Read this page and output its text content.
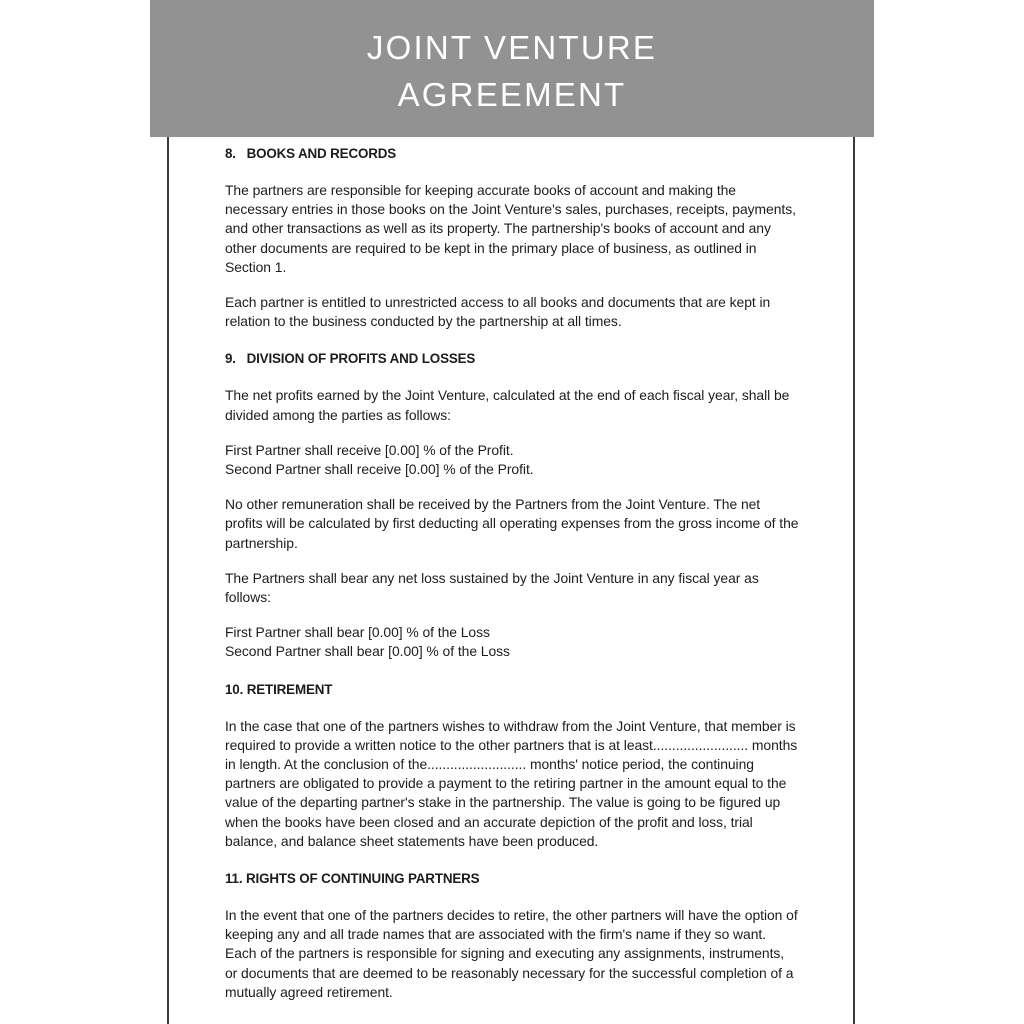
JOINT VENTURE
AGREEMENT
8.   BOOKS AND RECORDS

The partners are responsible for keeping accurate books of account and making the necessary entries in those books on the Joint Venture's sales, purchases, receipts, payments, and other transactions as well as its property. The partnership's books of account and any other documents are required to be kept in the primary place of business, as outlined in Section 1.

Each partner is entitled to unrestricted access to all books and documents that are kept in relation to the business conducted by the partnership at all times.

9.   DIVISION OF PROFITS AND LOSSES

The net profits earned by the Joint Venture, calculated at the end of each fiscal year, shall be divided among the parties as follows:

First Partner shall receive [0.00] % of the Profit.
Second Partner shall receive [0.00] % of the Profit.

No other remuneration shall be received by the Partners from the Joint Venture. The net profits will be calculated by first deducting all operating expenses from the gross income of the partnership.

The Partners shall bear any net loss sustained by the Joint Venture in any fiscal year as follows:

First Partner shall bear [0.00] % of the Loss
Second Partner shall bear [0.00] % of the Loss
10. RETIREMENT

In the case that one of the partners wishes to withdraw from the Joint Venture, that member is required to provide a written notice to the other partners that is at least......................... months in length. At the conclusion of the.......................... months' notice period, the continuing partners are obligated to provide a payment to the retiring partner in the amount equal to the value of the departing partner's stake in the partnership. The value is going to be figured up when the books have been closed and an accurate depiction of the profit and loss, trial balance, and balance sheet statements have been produced.

11. RIGHTS OF CONTINUING PARTNERS

In the event that one of the partners decides to retire, the other partners will have the option of keeping any and all trade names that are associated with the firm's name if they so want. Each of the partners is responsible for signing and executing any assignments, instruments, or documents that are deemed to be reasonably necessary for the successful completion of a mutually agreed retirement.
